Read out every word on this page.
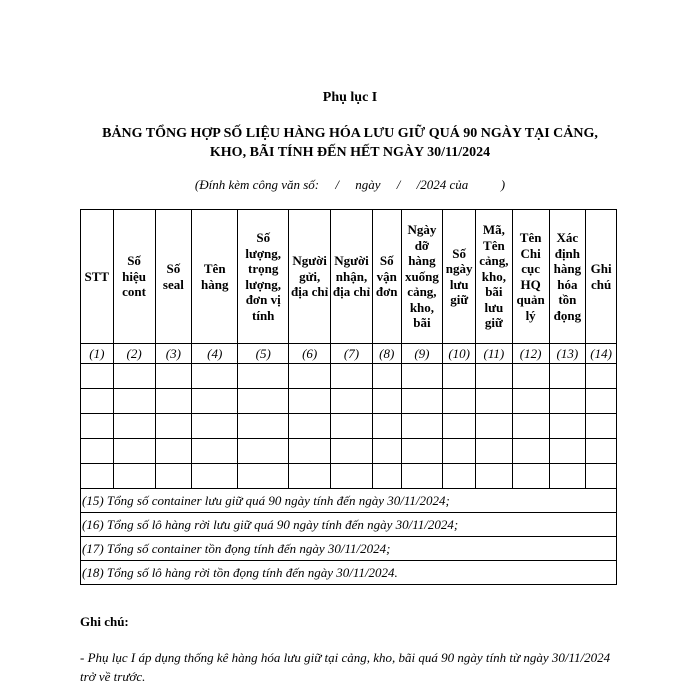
Phụ lục I
BẢNG TỔNG HỢP SỐ LIỆU HÀNG HÓA LƯU GIỮ QUÁ 90 NGÀY TẠI CẢNG,
KHO, BÃI TÍNH ĐẾN HẾT NGÀY 30/11/2024
(Đính kèm công văn số:     /     ngày     /     /2024 của          )
STT	Số hiệu cont	Số seal	Tên hàng	Số lượng, trọng lượng, đơn vị tính	Người gửi, địa chỉ	Người nhận, địa chỉ	Số vận đơn	Ngày dỡ hàng xuống cảng, kho, bãi	Số ngày lưu giữ	Mã, Tên cảng, kho, bãi lưu giữ	Tên Chi cục HQ quản lý	Xác định hàng hóa tồn đọng	Ghi chú
(1)	(2)	(3)	(4)	(5)	(6)	(7)	(8)	(9)	(10)	(11)	(12)	(13)	(14)

(15) Tổng số container lưu giữ quá 90 ngày tính đến ngày 30/11/2024;													
(16) Tổng số lô hàng rời lưu giữ quá 90 ngày tính đến ngày 30/11/2024;													
(17) Tổng số container tồn đọng tính đến ngày 30/11/2024;													
(18) Tổng số lô hàng rời tồn đọng tính đến ngày 30/11/2024.													
Ghi chú:
- Phụ lục I áp dụng thống kê hàng hóa lưu giữ tại cảng, kho, bãi quá 90 ngày tính từ ngày 30/11/2024 trở về trước.
